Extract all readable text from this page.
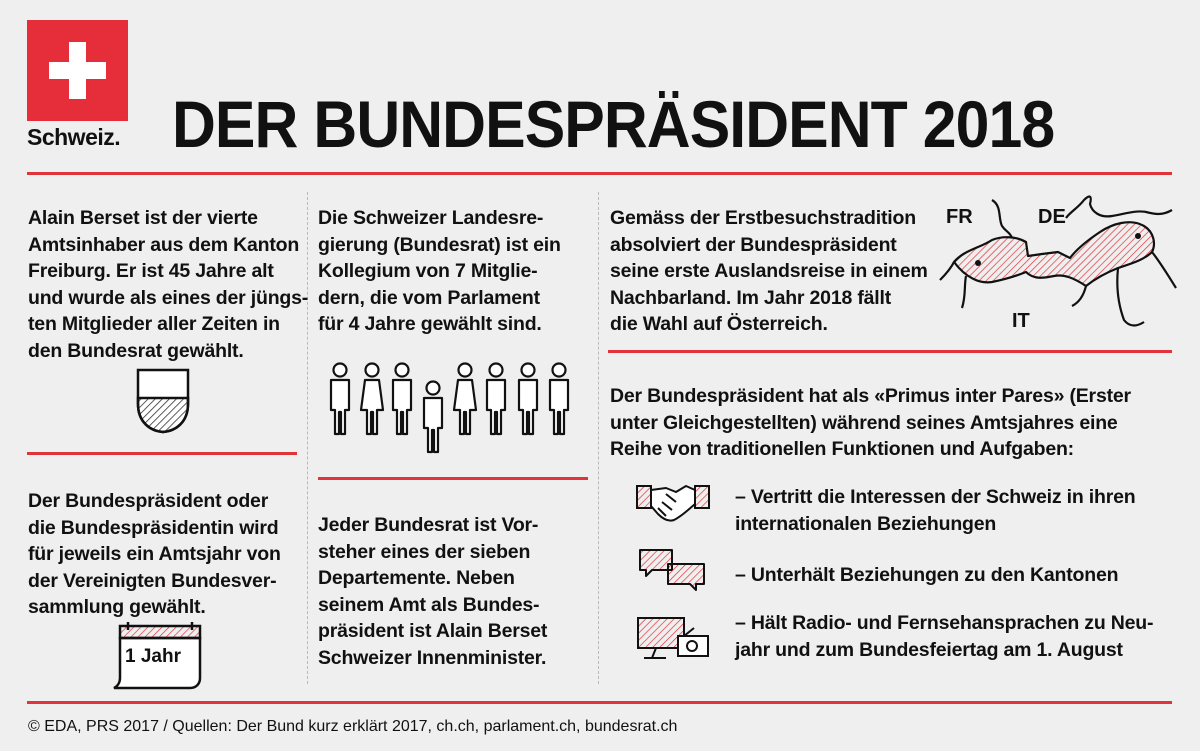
Schweiz. DER BUNDESPRÄSIDENT 2018
Alain Berset ist der vierte
Amtsinhaber aus dem Kanton
Freiburg. Er ist 45 Jahre alt
und wurde als eines der jüngs-
ten Mitglieder aller Zeiten in
den Bundesrat gewählt.
Der Bundespräsident oder
die Bundespräsidentin wird
für jeweils ein Amtsjahr von
der Vereinigten Bundesver-
sammlung gewählt.
1 Jahr
Die Schweizer Landesre-
gierung (Bundesrat) ist ein
Kollegium von 7 Mitglie-
dern, die vom Parlament
für 4 Jahre gewählt sind.
Jeder Bundesrat ist Vor-
steher eines der sieben
Departemente. Neben
seinem Amt als Bundes-
präsident ist Alain Berset
Schweizer Innenminister.
Gemäss der Erstbesuchstradition
absolviert der Bundespräsident
seine erste Auslandsreise in einem
Nachbarland. Im Jahr 2018 fällt
die Wahl auf Österreich.
FR	DE
IT
Der Bundespräsident hat als «Primus inter Pares» (Erster
unter Gleichgestellten) während seines Amtsjahres eine
Reihe von traditionellen Funktionen und Aufgaben:
– Vertritt die Interessen der Schweiz in ihren
internationalen Beziehungen
– Unterhält Beziehungen zu den Kantonen
– Hält Radio- und Fernsehansprachen zu Neu-
jahr und zum Bundesfeiertag am 1. August
© EDA, PRS 2017 / Quellen: Der Bund kurz erklärt 2017, ch.ch, parlament.ch, bundesrat.ch
